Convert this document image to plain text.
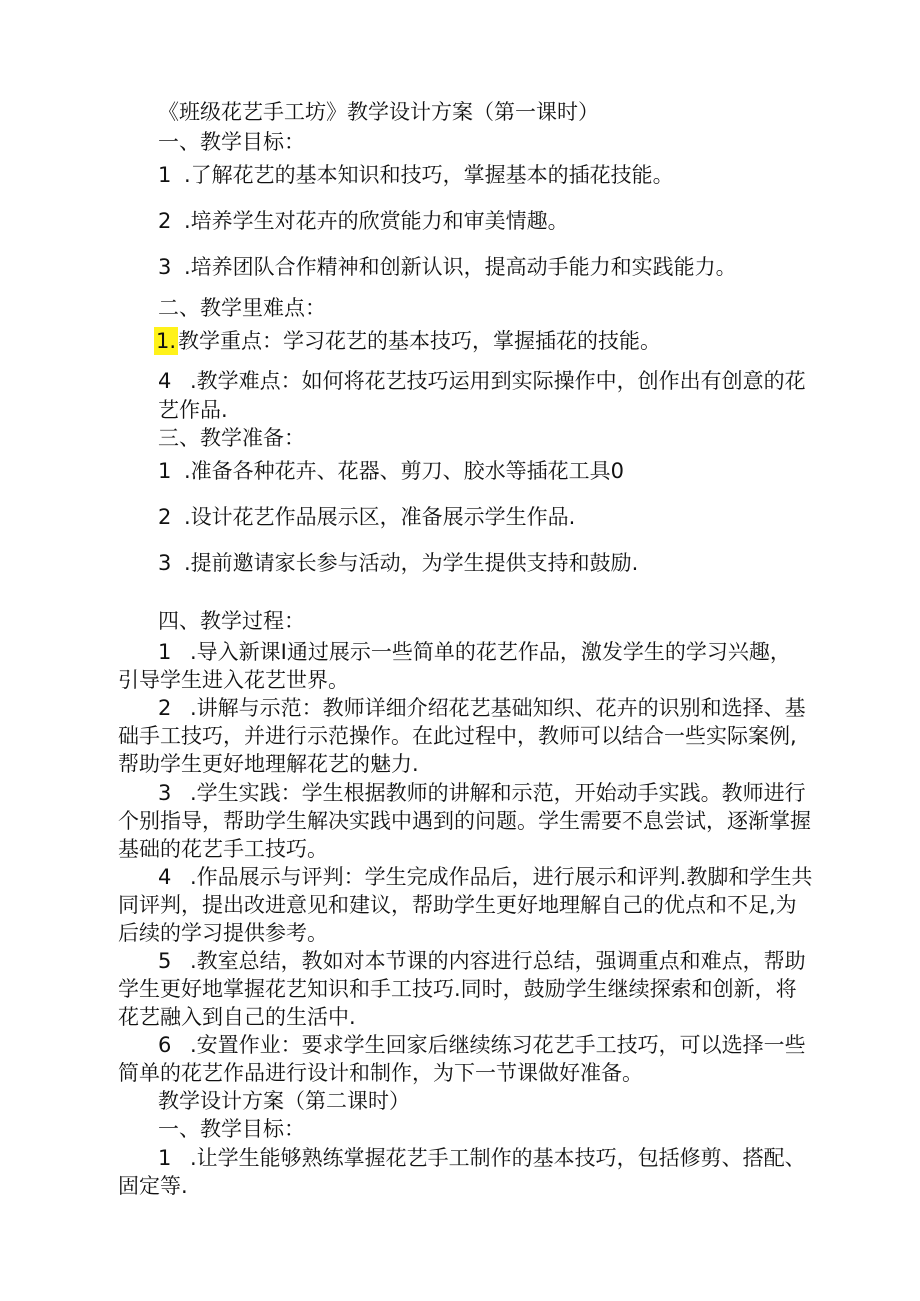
《班级花艺手工坊》教学设计方案（第一课时）
一、教学目标：
1 .了解花艺的基本知识和技巧，掌握基本的插花技能。
2 .培养学生对花卉的欣赏能力和审美情趣。
3 .培养团队合作精神和创新认识，提高动手能力和实践能力。
二、教学里难点：
1.教学重点：学习花艺的基本技巧，掌握插花的技能。
4 .教学难点：如何将花艺技巧运用到实际操作中，创作出有创意的花
艺作品.
三、教学准备：
1 .准备各种花卉、花器、剪刀、胶水等插花工具0
2 .设计花艺作品展示区，准备展示学生作品.
3 .提前邀请家长参与活动，为学生提供支持和鼓励.
四、教学过程：
1 .导入新课I通过展示一些简单的花艺作品，激发学生的学习兴趣，
引导学生进入花艺世界。
2 .讲解与示范：教师详细介绍花艺基础知织、花卉的识别和选择、基
础手工技巧，并进行示范操作。在此过程中，教师可以结合一些实际案例,
帮助学生更好地理解花艺的魅力.
3 .学生实践：学生根据教师的讲解和示范，开始动手实践。教师进行
个别指导，帮助学生解决实践中遇到的问题。学生需要不息尝试，逐渐掌握
基础的花艺手工技巧。
4 .作品展示与评判：学生完成作品后，进行展示和评判.教脚和学生共
同评判，提出改进意见和建议，帮助学生更好地理解自己的优点和不足,为
后续的学习提供参考。
5 .教室总结，教如对本节课的内容进行总结，强调重点和难点，帮助
学生更好地掌握花艺知识和手工技巧.同时，鼓励学生继续探索和创新，将
花艺融入到自己的生活中.
6 .安置作业：要求学生回家后继续练习花艺手工技巧，可以选择一些
简单的花艺作品进行设计和制作，为下一节课做好准备。
教学设计方案（第二课时）
一、教学目标：
1 .让学生能够熟练掌握花艺手工制作的基本技巧，包括修剪、搭配、
固定等.
